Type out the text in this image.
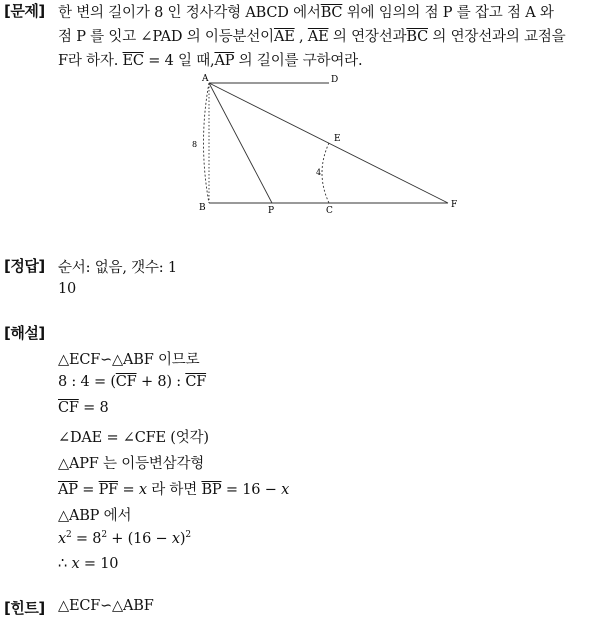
[문제] 한 변의 길이가 8 인 정사각형 ABCD 에서$\overline{BC}$ 위에 임의의 점 P 를 잡고 점 A 와
점 P 를 잇고 ∠PAD 의 이등분선이$\overline{AE}$ , $\overline{AE}$ 의 연장선과$\overline{BC}$ 의 연장선과의 교점을
F라 하자. $\overline{EC} = 4$ 일 때$,\overline{AP}$ 의 길이를 구하여라.
A	D
B	P	C
E
F
8
4
[정답] 순서: 없음, 갯수: 1
10
[해설]
△ECF∽△ABF 이므로
8 : $4 = (\overline{CF} + 8)$ : $\overline{CF}$
$\overline{CF} = 8$
∠DAE = ∠CFE (엇각)
△APF 는 이등변삼각형
$\overline{AP} = \overline{PF} = x$ 라 하면 $\overline{BP} = 16 - x$
△ABP 에서
$x^2 = 8^2 + (16 - x)^2$
∴ x = 10
[힌트] △ECF∽△ABF
